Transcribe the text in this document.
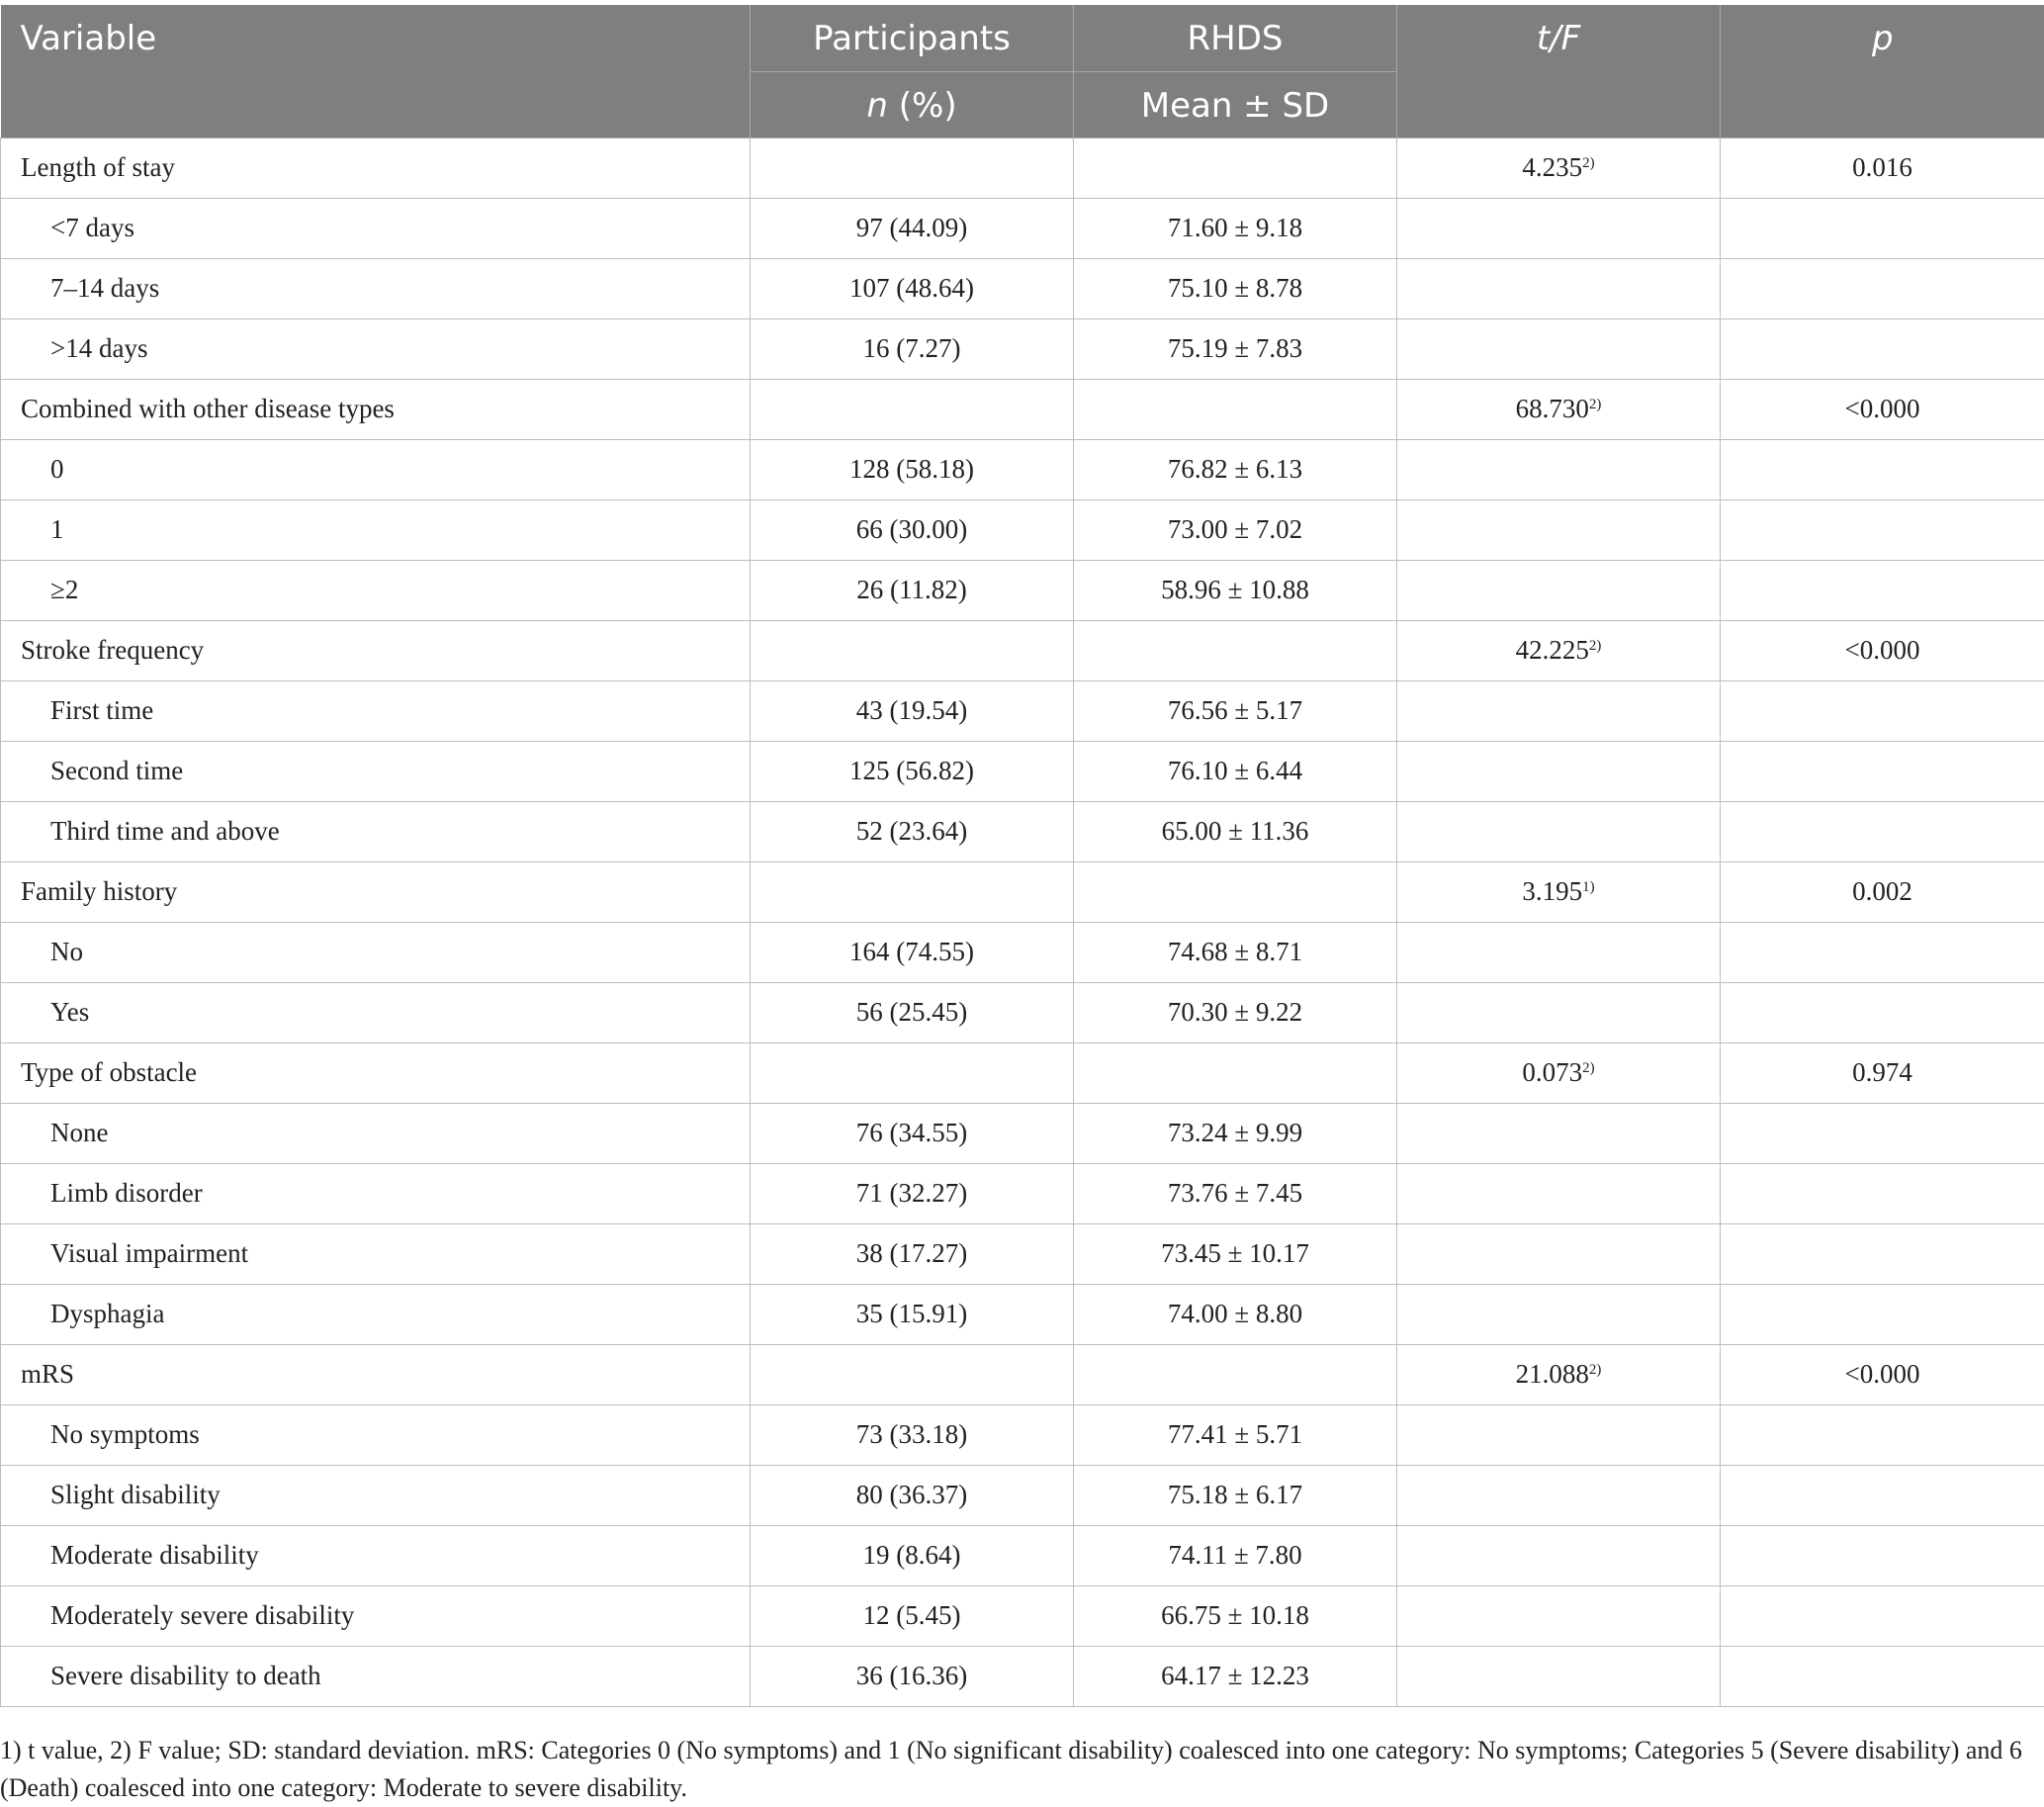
Variable	Participants	RHDS	t/F	p

	n (%)	Mean ± SD		

Length of stay			4.235$^{2)}$	0.016
<7 days	97 (44.09)	71.60 ± 9.18		
7–14 days	107 (48.64)	75.10 ± 8.78		
>14 days	16 (7.27)	75.19 ± 7.83		
Combined with other disease types			$68.730^{2)}$	<0.000
0	128 (58.18)	76.82 ± 6.13		
1	66 (30.00)	73.00 ± 7.02		
≥2	26 (11.82)	58.96 ± 10.88		
Stroke frequency			$42.225^{2)}$	<0.000
First time	43 (19.54)	76.56 ± 5.17		
Second time	125 (56.82)	76.10 ± 6.44		
Third time and above	52 (23.64)	65.00 ± 11.36		
Family history			3.195$^{1)}$	0.002
No	164 (74.55)	74.68 ± 8.71		
Yes	56 (25.45)	70.30 ± 9.22		
Type of obstacle			0.073$^{2)}$	0.974
None	76 (34.55)	73.24 ± 9.99		
Limb disorder	71 (32.27)	73.76 ± 7.45		
Visual impairment	38 (17.27)	73.45 ± 10.17		
Dysphagia	35 (15.91)	74.00 ± 8.80		
mRS			$21.088^{2)}$	<0.000
No symptoms	73 (33.18)	77.41 ± 5.71		
Slight disability	80 (36.37)	75.18 ± 6.17		
Moderate disability	19 (8.64)	74.11 ± 7.80		
Moderately severe disability	12 (5.45)	66.75 ± 10.18		
Severe disability to death	36 (16.36)	64.17 ± 12.23		
1) t value, 2) F value; SD: standard deviation. mRS: Categories 0 (No symptoms) and 1 (No significant disability) coalesced into one category: No symptoms; Categories 5 (Severe disability) and 6 (Death) coalesced into one category: Moderate to severe disability.
